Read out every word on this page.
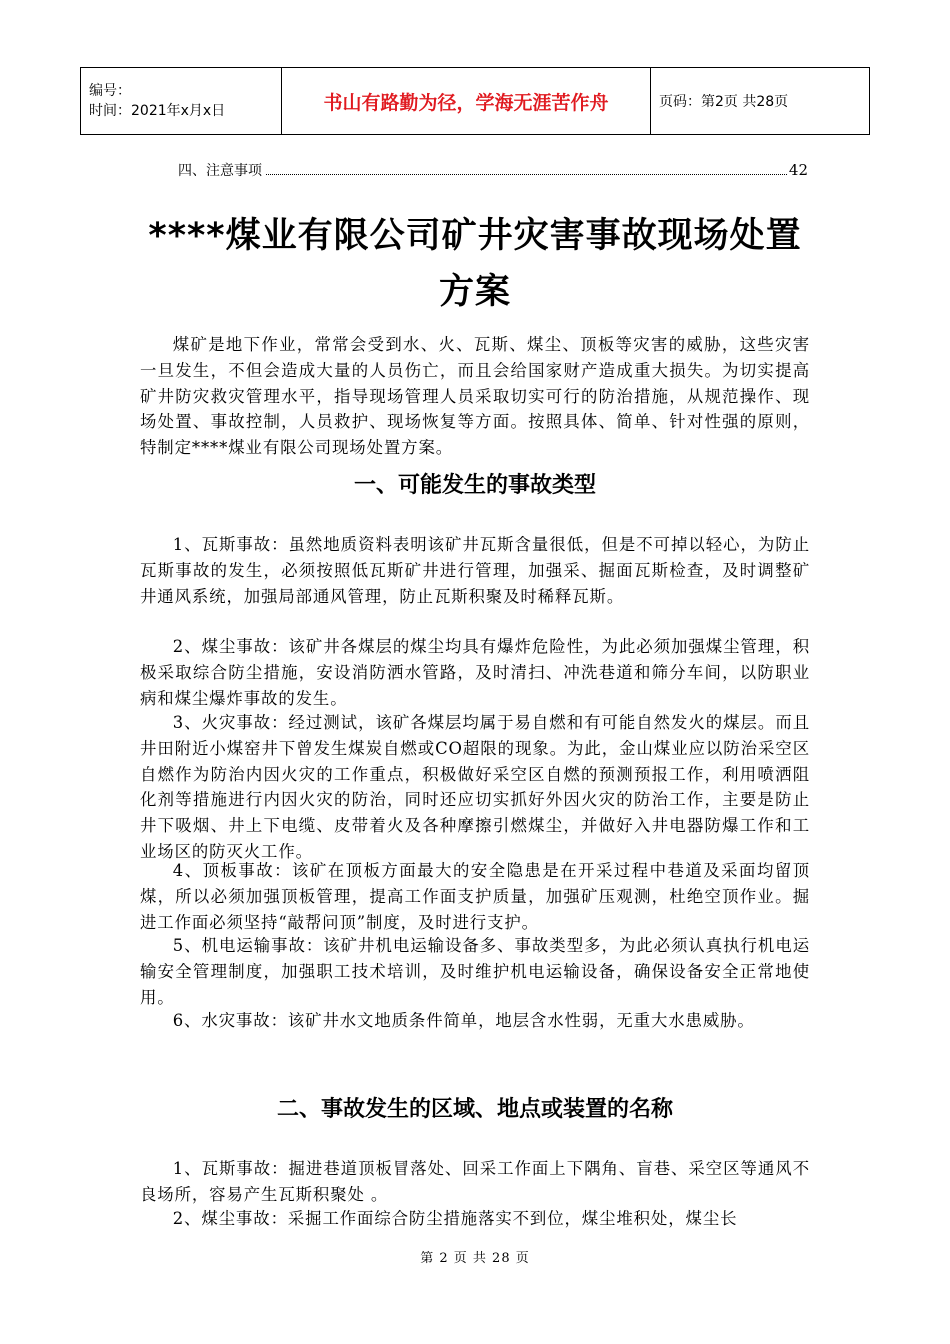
编号：
时间：2021年x月x日	书山有路勤为径，学海无涯苦作舟	页码：第2页 共28页
四、注意事项	42
****煤业有限公司矿井灾害事故现场处置
方案

煤矿是地下作业，常常会受到水、火、瓦斯、煤尘、顶板等灾害的威胁，这些灾害一旦发生，不但会造成大量的人员伤亡，而且会给国家财产造成重大损失。为切实提高矿井防灾救灾管理水平，指导现场管理人员采取切实可行的防治措施，从规范操作、现场处置、事故控制，人员救护、现场恢复等方面。按照具体、简单、针对性强的原则，特制定****煤业有限公司现场处置方案。

一、可能发生的事故类型

1、瓦斯事故：虽然地质资料表明该矿井瓦斯含量很低，但是不可掉以轻心，为防止瓦斯事故的发生，必须按照低瓦斯矿井进行管理，加强采、掘面瓦斯检查，及时调整矿井通风系统，加强局部通风管理，防止瓦斯积聚及时稀释瓦斯。

2、煤尘事故：该矿井各煤层的煤尘均具有爆炸危险性，为此必须加强煤尘管理，积极采取综合防尘措施，安设消防洒水管路，及时清扫、冲洗巷道和筛分车间，以防职业病和煤尘爆炸事故的发生。

3、火灾事故：经过测试，该矿各煤层均属于易自燃和有可能自然发火的煤层。而且井田附近小煤窑井下曾发生煤炭自燃或CO超限的现象。为此，金山煤业应以防治采空区自燃作为防治内因火灾的工作重点，积极做好采空区自燃的预测预报工作，利用喷洒阻化剂等措施进行内因火灾的防治，同时还应切实抓好外因火灾的防治工作，主要是防止井下吸烟、井上下电缆、皮带着火及各种摩擦引燃煤尘，并做好入井电器防爆工作和工业场区的防灭火工作。

4、顶板事故：该矿在顶板方面最大的安全隐患是在开采过程中巷道及采面均留顶煤，所以必须加强顶板管理，提高工作面支护质量，加强矿压观测，杜绝空顶作业。掘进工作面必须坚持“敲帮问顶”制度，及时进行支护。

5、机电运输事故：该矿井机电运输设备多、事故类型多，为此必须认真执行机电运输安全管理制度，加强职工技术培训，及时维护机电运输设备，确保设备安全正常地使用。

6、水灾事故：该矿井水文地质条件简单，地层含水性弱，无重大水患威胁。

二、事故发生的区域、地点或装置的名称

1、瓦斯事故：掘进巷道顶板冒落处、回采工作面上下隅角、盲巷、采空区等通风不良场所，容易产生瓦斯积聚处 。

2、煤尘事故：采掘工作面综合防尘措施落实不到位，煤尘堆积处，煤尘长

第 2 页 共 28 页
